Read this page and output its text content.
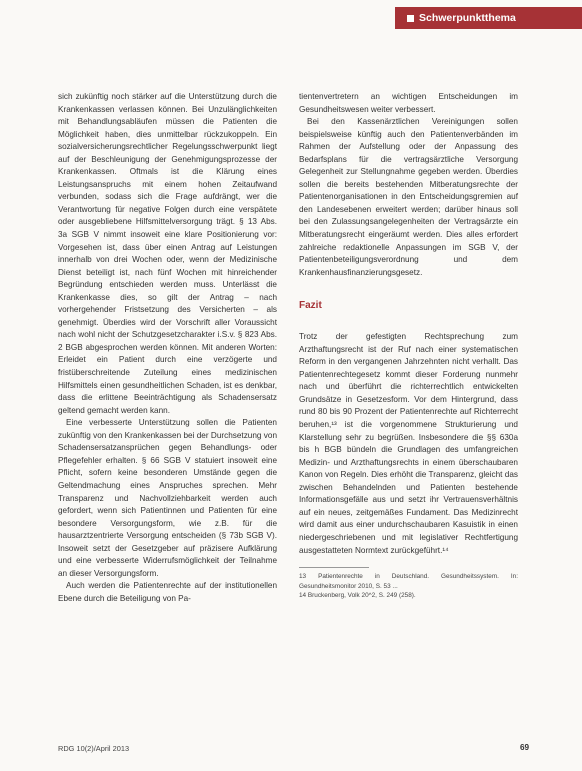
Schwerpunktthema

sich zukünftig noch stärker auf die Unterstützung durch die Krankenkassen verlassen können. Bei Unzulänglichkeiten mit Behandlungsabläufen müssen die Patienten die Möglichkeit haben, dies unmittelbar rückzukoppeln. Ein sozialversicherungsrechtlicher Regelungsschwerpunkt liegt auf der Beschleunigung der Genehmigungsprozesse der Krankenkassen. Oftmals ist die Klärung eines Leistungsanspruchs mit einem hohen Zeitaufwand verbunden, sodass sich die Frage aufdrängt, wer die Verantwortung für negative Folgen durch eine verspätete oder ausgebliebene Hilfsmittelversorgung trägt. § 13 Abs. 3a SGB V nimmt insoweit eine klare Positionierung vor: Vorgesehen ist, dass über einen Antrag auf Leistungen innerhalb von drei Wochen oder, wenn der Medizinische Dienst beteiligt ist, nach fünf Wochen mit hinreichender Begründung entschieden werden muss. Unterlässt die Krankenkasse dies, so gilt der Antrag – nach vorhergehender Fristsetzung des Versicherten – als genehmigt. Überdies wird der Vorschrift aller Voraussicht nach wohl nicht der Schutzgesetzcharakter i.S.v. § 823 Abs. 2 BGB abgesprochen werden können. Mit anderen Worten: Erleidet ein Patient durch eine verzögerte und fristüberschreitende Zuteilung eines medizinischen Hilfsmittels einen gesundheitlichen Schaden, ist es denkbar, dass die erlittene Beeinträchtigung als Schadensersatz geltend gemacht werden kann.

Eine verbesserte Unterstützung sollen die Patienten zukünftig von den Krankenkassen bei der Durchsetzung von Schadensersatzansprüchen gegen Behandlungs- oder Pflegefehler erhalten. § 66 SGB V statuiert insoweit eine Pflicht, sofern keine besonderen Umstände gegen die Geltendmachung eines Anspruches sprechen. Mehr Transparenz und Nachvollziehbarkeit werden auch gefordert, wenn sich Patientinnen und Patienten für eine besondere Versorgungsform, wie z.B. für die hausarztzentrierte Versorgung entscheiden (§ 73b SGB V). Insoweit setzt der Gesetzgeber auf präzisere Aufklärung und eine verbesserte Widerrufsmöglichkeit der Teilnahme an dieser Versorgungsform.

Auch werden die Patientenrechte auf der institutionellen Ebene durch die Beteiligung von Pa-

tientenvertretern an wichtigen Entscheidungen im Gesundheitswesen weiter verbessert.

Bei den Kassenärztlichen Vereinigungen sollen beispielsweise künftig auch den Patientenverbänden im Rahmen der Aufstellung oder der Anpassung des Bedarfsplans für die vertragsärztliche Versorgung Gelegenheit zur Stellungnahme gegeben werden. Überdies sollen die bereits bestehenden Mitberatungsrechte der Patientenorganisationen in den Entscheidungsgremien auf den Landesebenen erweitert werden; darüber hinaus soll bei den Zulassungsangelegenheiten der Vertragsärzte ein Mitberatungsrecht eingeräumt werden. Dies alles erfordert zahlreiche redaktionelle Anpassungen im SGB V, der Patientenbeteiligungsverordnung und dem Krankenhausfinanzierungsgesetz.

Fazit

Trotz der gefestigten Rechtsprechung zum Arzthaftungsrecht ist der Ruf nach einer systematischen Reform in den vergangenen Jahrzehnten nicht verhallt. Das Patientenrechtegesetz kommt dieser Forderung nunmehr nach und überführt die richterrechtlich entwickelten Grundsätze in Gesetzesform. Vor dem Hintergrund, dass rund 80 bis 90 Prozent der Patientenrechte auf Richterrecht beruhen,¹³ ist die vorgenommene Strukturierung und Klarstellung sehr zu begrüßen. Insbesondere die §§ 630a bis h BGB bündeln die Grundlagen des umfangreichen Medizin- und Arzthaftungsrechts in einem überschaubaren Kanon von Regeln. Dies erhöht die Transparenz, gleicht das zwischen Behandelnden und Patienten bestehende Informationsgefälle aus und setzt ihr Vertrauensverhältnis auf ein neues, zeitgemäßes Fundament. Das Medizinrecht wird damit aus einer undurchschaubaren Kasuistik in einen niedergeschriebenen und mit legislativer Rechtfertigung ausgestatteten Normtext zurückgeführt.¹⁴

13 Patientenrechte in Deutschland. Gesundheitssystem. In: Gesundheitsmonitor 2010, S. 53 ...
14 Bruckenberg, Volk 20^2, S. 249 (258).
RDG 10(2)/April 2013	69
